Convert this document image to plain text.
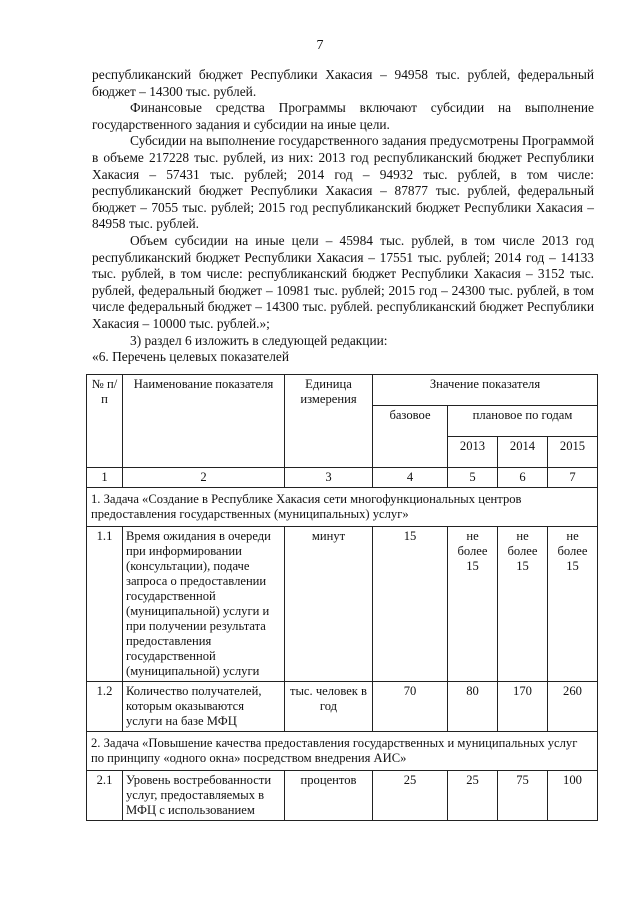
7

республиканский бюджет Республики Хакасия – 94958 тыс. рублей, федеральный бюджет – 14300 тыс. рублей.

Финансовые средства Программы включают субсидии на выполнение государственного задания и субсидии на иные цели.

Субсидии на выполнение государственного задания предусмотрены Программой в объеме 217228 тыс. рублей, из них: 2013 год республиканский бюджет Республики Хакасия – 57431 тыс. рублей; 2014 год – 94932 тыс. рублей, в том числе: республиканский бюджет Республики Хакасия – 87877 тыс. рублей, федеральный бюджет – 7055 тыс. рублей; 2015 год республиканский бюджет Республики Хакасия – 84958 тыс. рублей.

Объем субсидии на иные цели – 45984 тыс. рублей, в том числе 2013 год республиканский бюджет Республики Хакасия – 17551 тыс. рублей; 2014 год – 14133 тыс. рублей, в том числе: республиканский бюджет Республики Хакасия – 3152 тыс. рублей, федеральный бюджет – 10981 тыс. рублей; 2015 год – 24300 тыс. рублей, в том числе федеральный бюджет – 14300 тыс. рублей. республиканский бюджет Республики Хакасия – 10000 тыс. рублей.»;

3) раздел 6 изложить в следующей редакции:

«6. Перечень целевых показателей

№ п/п	Наименование показателя	Единица измерения	Значение показателя			
			базовое	плановое по годам		
				2013	2014	2015
1	2	3	4	5	6	7
1. Задача «Создание в Республике Хакасия сети многофункциональных центров предоставления государственных (муниципальных) услуг»						
1.1	Время ожидания в очереди при информировании (консультации), подаче запроса о предоставлении государственной (муниципальной) услуги и при получении результата предоставления государственной (муниципальной) услуги	минут	15	не более 15	не более 15	не более 15
1.2	Количество получателей, которым оказываются услуги на базе МФЦ	тыс. человек в год	70	80	170	260
2. Задача «Повышение качества предоставления государственных и муниципальных услуг по принципу «одного окна» посредством внедрения АИС»						
2.1	Уровень востребованности услуг, предоставляемых в МФЦ с использованием	процентов	25	25	75	100
